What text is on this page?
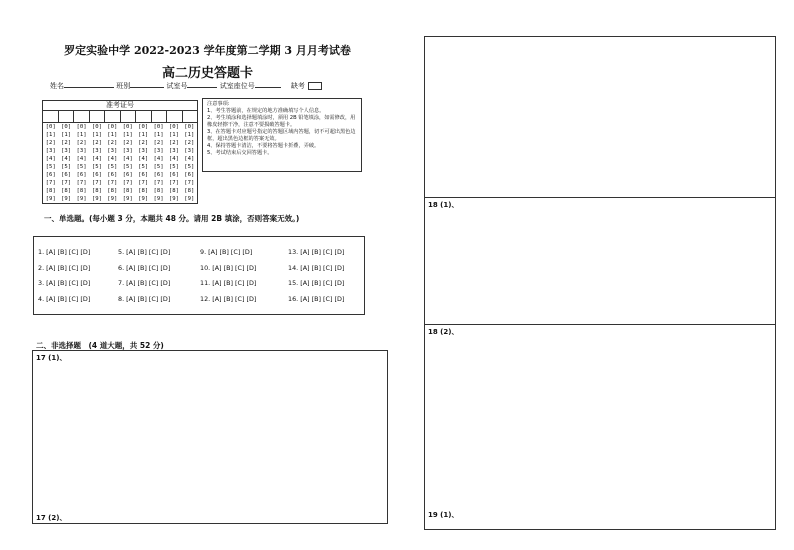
罗定实验中学 2022-2023 学年度第二学期 3 月月考试卷
高二历史答题卡
姓名	班别	试室号	试室座位号	缺考
准考证号
[0] [0] [0] [0] [0] [0] [0] [0] [0] [0]
[1] [1] [1] [1] [1] [1] [1] [1] [1] [1]
[2] [2] [2] [2] [2] [2] [2] [2] [2] [2]
[3] [3] [3] [3] [3] [3] [3] [3] [3] [3]
[4] [4] [4] [4] [4] [4] [4] [4] [4] [4]
[5] [5] [5] [5] [5] [5] [5] [5] [5] [5]
[6] [6] [6] [6] [6] [6] [6] [6] [6] [6]
[7] [7] [7] [7] [7] [7] [7] [7] [7] [7]
[8] [8] [8] [8] [8] [8] [8] [8] [8] [8]
[9] [9] [9] [9] [9] [9] [9] [9] [9] [9]

注意事项:

1、考生答题前，在规定的地方准确填写个人信息。

2、考生填涂和选择题填涂时，须用 2B 铅笔填涂，如需修改，用橡皮轻擦干净，注意不要损破答题卡。

3、在答题卡对应题号指定的答题区域内答题，切不可超出黑色边框，超出黑色边框的答案无效。

4、保持答题卡清洁，不要将答题卡折叠，弄破。

5、考试结束后交回答题卡。

一、单选题。(每小题 3 分，本题共 48 分。请用 2B 填涂，否则答案无效。)
1. [A] [B] [C] [D]	5. [A] [B] [C] [D]	9. [A] [B] [C] [D]	13. [A] [B] [C] [D]
2. [A] [B] [C] [D]	6. [A] [B] [C] [D]	10. [A] [B] [C] [D]	14. [A] [B] [C] [D]
3. [A] [B] [C] [D]	7. [A] [B] [C] [D]	11. [A] [B] [C] [D]	15. [A] [B] [C] [D]
4. [A] [B] [C] [D]	8. [A] [B] [C] [D]	12. [A] [B] [C] [D]	16. [A] [B] [C] [D]
二、非选择题　(4 道大题，共 52 分)
17 (1)、
17 (2)、
18 (1)、
18 (2)、
19 (1)、
